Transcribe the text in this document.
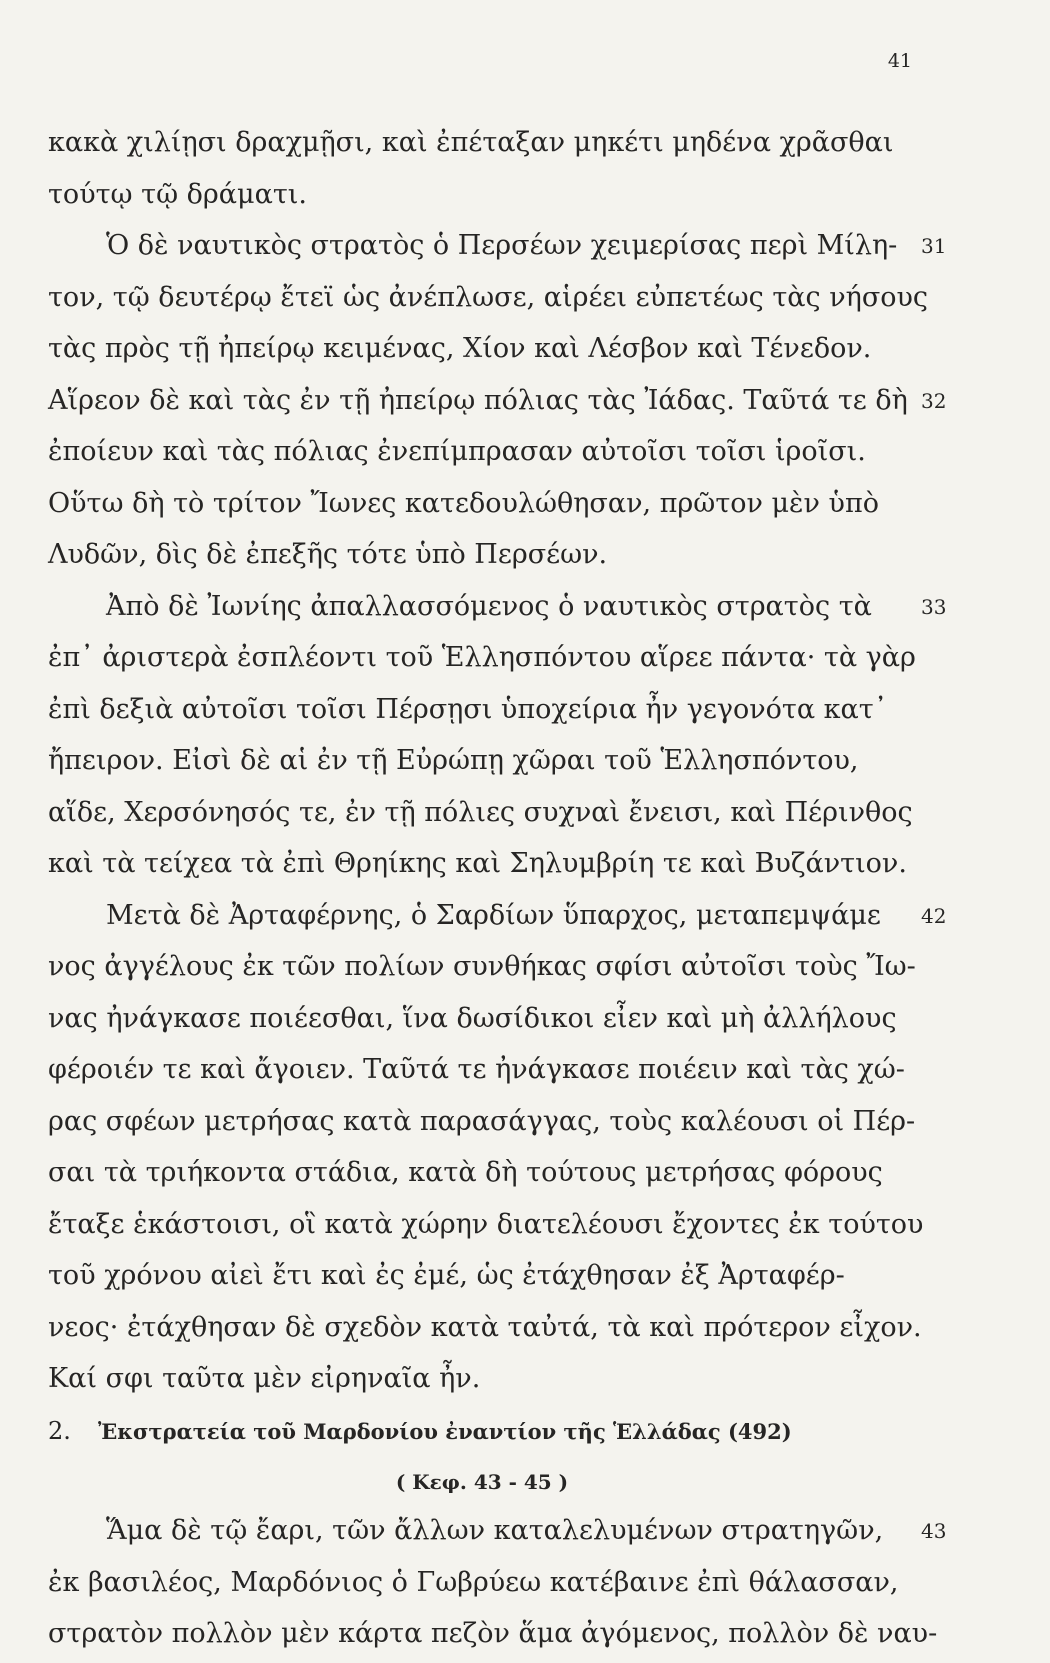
41
κακὰ χιλίῃσι δραχμῇσι, καὶ ἐπέταξαν μηκέτι μηδένα χρᾶσθαι
τούτῳ τῷ δράματι.
Ὁ δὲ ναυτικὸς στρατὸς ὁ Περσέων χειμερίσας περὶ Μίλη- 31
τον, τῷ δευτέρῳ ἔτεϊ ὡς ἀνέπλωσε, αἱρέει εὐπετέως τὰς νήσους
τὰς πρὸς τῇ ἠπείρῳ κειμένας, Χίον καὶ Λέσβον καὶ Τένεδον.
Αἵρεον δὲ καὶ τὰς ἐν τῇ ἠπείρῳ πόλιας τὰς Ἰάδας. Ταῦτά τε δὴ 32
ἐποίευν καὶ τὰς πόλιας ἐνεπίμπρασαν αὐτοῖσι τοῖσι ἱροῖσι.
Οὕτω δὴ τὸ τρίτον Ἴωνες κατεδουλώθησαν, πρῶτον μὲν ὑπὸ
Λυδῶν, δὶς δὲ ἐπεξῆς τότε ὑπὸ Περσέων.
Ἀπὸ δὲ Ἰωνίης ἀπαλλασσόμενος ὁ ναυτικὸς στρατὸς τὰ 33
ἐπ᾽ ἀριστερὰ ἐσπλέοντι τοῦ Ἑλλησπόντου αἵρεε πάντα· τὰ γὰρ
ἐπὶ δεξιὰ αὐτοῖσι τοῖσι Πέρσῃσι ὑποχείρια ἦν γεγονότα κατ᾽
ἤπειρον. Εἰσὶ δὲ αἱ ἐν τῇ Εὐρώπῃ χῶραι τοῦ Ἑλλησπόντου,
αἵδε, Χερσόνησός τε, ἐν τῇ πόλιες συχναὶ ἔνεισι, καὶ Πέρινθος
καὶ τὰ τείχεα τὰ ἐπὶ Θρηίκης καὶ Σηλυμβρίη τε καὶ Βυζάντιον.
Μετὰ δὲ Ἀρταφέρνης, ὁ Σαρδίων ὕπαρχος, μεταπεμψάμε 42
νος ἀγγέλους ἐκ τῶν πολίων συνθήκας σφίσι αὐτοῖσι τοὺς Ἴω-
νας ἠνάγκασε ποιέεσθαι, ἵνα δωσίδικοι εἶεν καὶ μὴ ἀλλήλους
φέροιέν τε καὶ ἄγοιεν. Ταῦτά τε ἠνάγκασε ποιέειν καὶ τὰς χώ-
ρας σφέων μετρήσας κατὰ παρασάγγας, τοὺς καλέουσι οἱ Πέρ-
σαι τὰ τριήκοντα στάδια, κατὰ δὴ τούτους μετρήσας φόρους
ἔταξε ἑκάστοισι, οἳ κατὰ χώρην διατελέουσι ἔχοντες ἐκ τούτου
τοῦ χρόνου αἰεὶ ἔτι καὶ ἐς ἐμέ, ὡς ἐτάχθησαν ἐξ Ἀρταφέρ-
νεος· ἐτάχθησαν δὲ σχεδὸν κατὰ ταὐτά, τὰ καὶ πρότερον εἶχον.
Καί σφι ταῦτα μὲν εἰρηναῖα ἦν.
2. Ἐκστρατεία τοῦ Μαρδονίου ἐναντίον τῆς Ἑλλάδας (492)
( Κεφ. 43 - 45 )
Ἅμα δὲ τῷ ἔαρι, τῶν ἄλλων καταλελυμένων στρατηγῶν, 43
ἐκ βασιλέος, Μαρδόνιος ὁ Γωβρύεω κατέβαινε ἐπὶ θάλασσαν,
στρατὸν πολλὸν μὲν κάρτα πεζὸν ἅμα ἀγόμενος, πολλὸν δὲ ναυ-
